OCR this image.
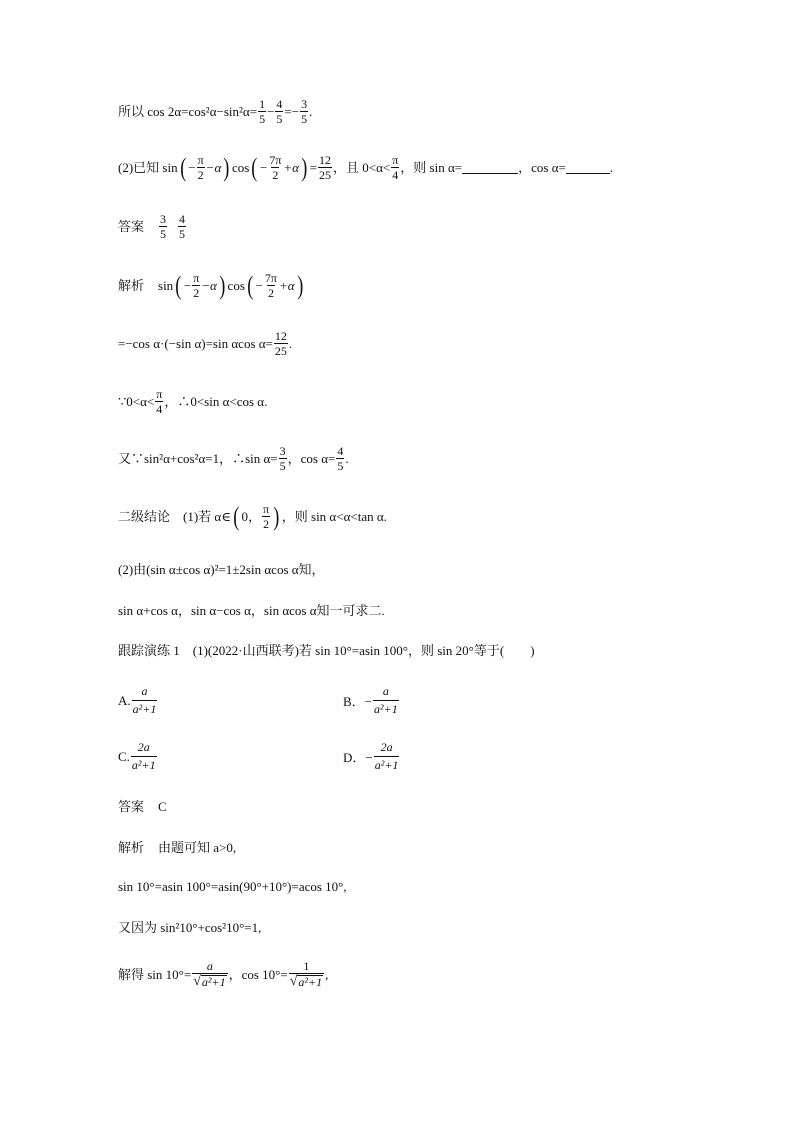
所以 $\cos 2\alpha=\cos^2\alpha-\sin^2\alpha= \frac{1}{5} - \frac{4}{5} =- \frac{3}{5}$ .
(2)已知 sin ( − $\frac{\pi}{2} -\alpha$ ) cos ( − $\frac{7\pi}{2} +\alpha$ ) = $\frac{12}{25}$ ，且 $0<\alpha< \frac{\pi}{4}$ ，则 sin α=	，cos α=	.
答案 $\frac{3}{5} \frac{4}{5}$
解析 sin ( − $\frac{\pi}{2} -\alpha$ ) cos ( − $\frac{7\pi}{2} +\alpha$ )
=−cos α·(−sin α)=sin αcos $\alpha= \frac{12}{25}$ .
∵0<α< $\frac{\pi}{4}$ ，∴0<sin α<cos α.
又∵sin²α+cos²α=1，∴sin $\alpha= \frac{3}{5}$ ，$\cos \alpha= \frac{4}{5}$ .
二级结论　(1)若 α∈ ( 0， $\frac{\pi}{2}$ ) ，则 sin α<α<tan α.
(2)由(sin α±cos α)²=1±2sin αcos α知，
sin α+cos α，sin α−cos α，sin αcos α知一可求二.
跟踪演练 1　(1)(2022·山西联考)若 sin 10°=asin 100°，则 sin 20°等于( )
A. $\frac{a}{\text{a²+1}}$	B．− $\frac{a}{\text{a²+1}}$
C. $\frac{2a}{\text{a²+1}}$	D．− $\frac{2a}{\text{a²+1}}$
答案 C
解析 由题可知 a>0,
sin 10°=asin 100°=asin(90°+10°)=acos 10°,
又因为 sin²10°+cos²10°=1,
解得 $\sin 10^\circ= \frac{a}{\text{√ a²+1}}$ ，$\cos 10^\circ= \frac{1}{\text{√ a²+1}}$ ,
